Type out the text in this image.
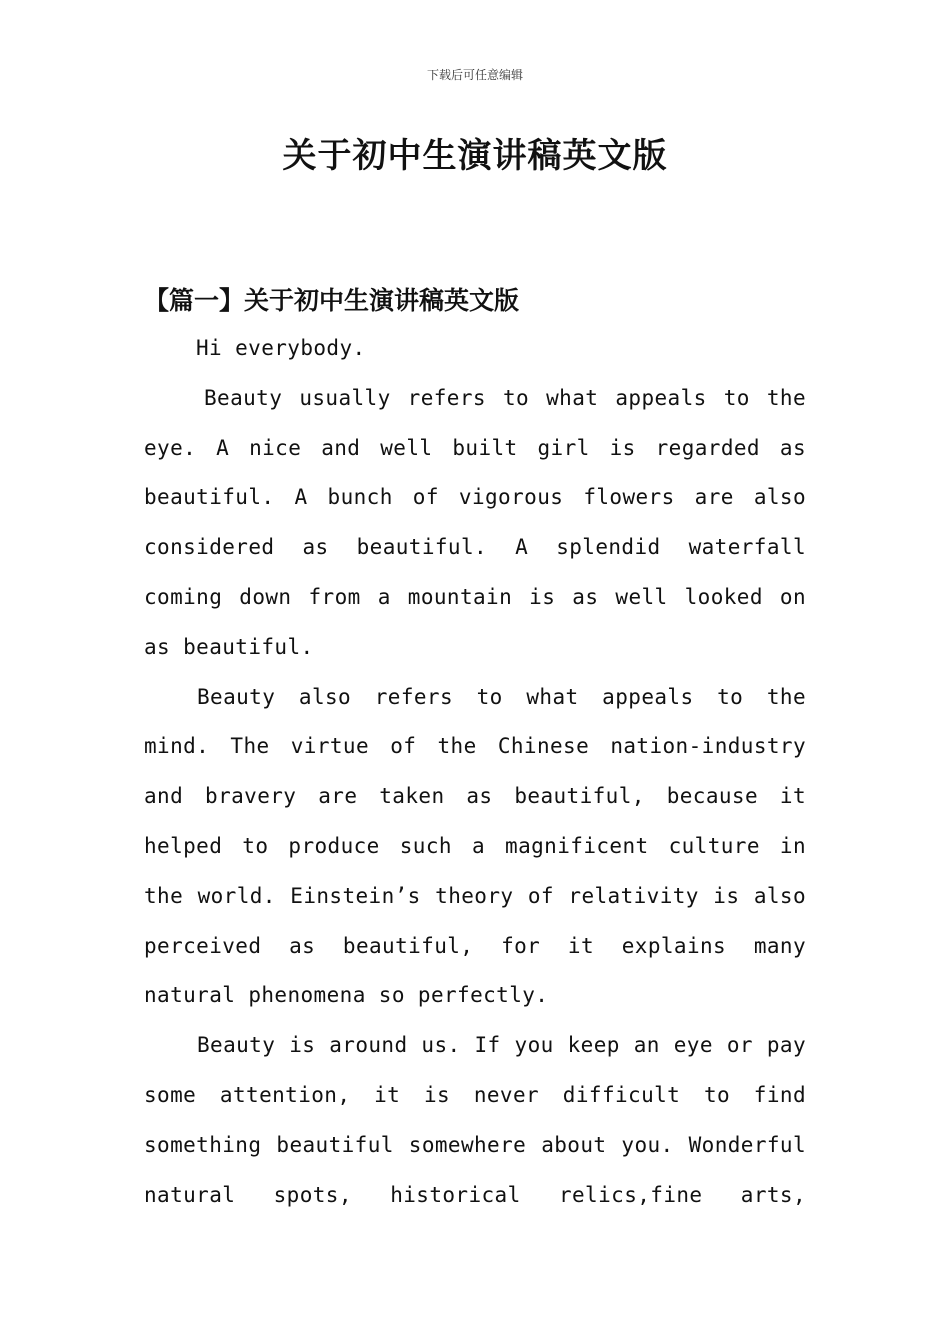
下载后可任意编辑
关于初中生演讲稿英文版
【篇一】关于初中生演讲稿英文版

Hi everybody.

Beauty usually refers to what appeals to the eye. A nice and well built girl is regarded as beautiful. A bunch of vigorous flowers are also considered as beautiful. A splendid waterfall coming down from a mountain is as well looked on as beautiful.

Beauty also refers to what appeals to the mind. The virtue of the Chinese nation-industry and bravery are taken as beautiful, because it helped to produce such a magnificent culture in the world. Einstein’s theory of relativity is also perceived as beautiful, for it explains many natural phenomena so perfectly.

Beauty is around us. If you keep an eye or pay some attention, it is never difficult to find something beautiful somewhere about you. Wonderful natural spots, historical relics,fine arts,
